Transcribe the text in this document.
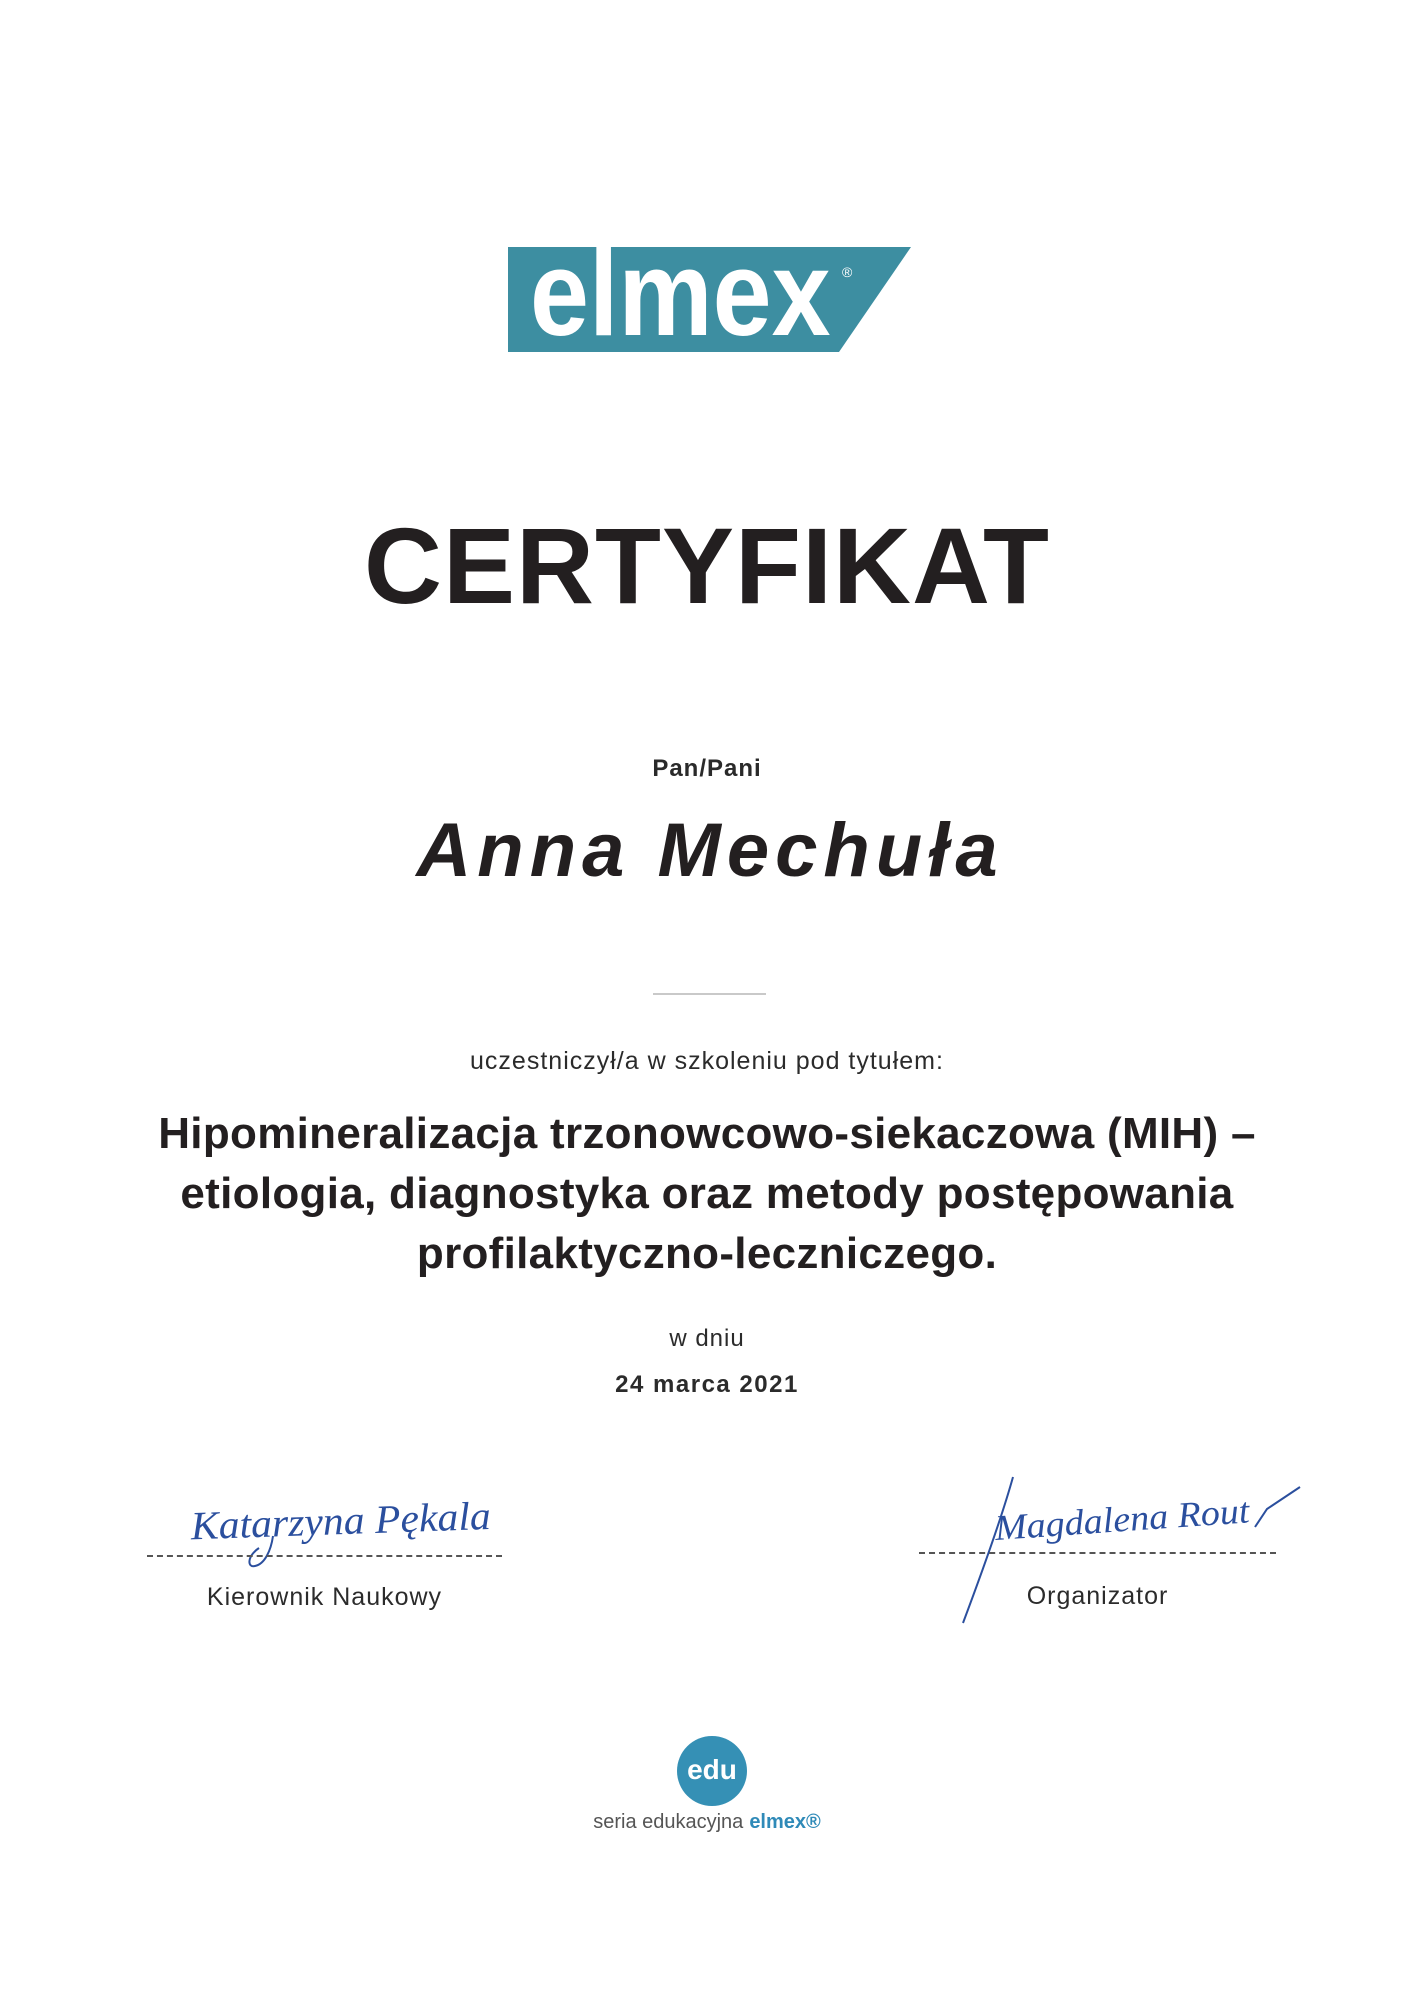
elmex ®
CERTYFIKAT
Pan/Pani
Anna Mechuła
uczestniczył/a w szkoleniu pod tytułem:
Hipomineralizacja trzonowcowo-siekaczowa (MIH) –
etiologia, diagnostyka oraz metody postępowania
profilaktyczno-leczniczego.
w dniu
24 marca 2021
Katarzyna Pękala
Kierownik Naukowy
Magdalena Rout
Organizator
edu
seria edukacyjna elmex®
